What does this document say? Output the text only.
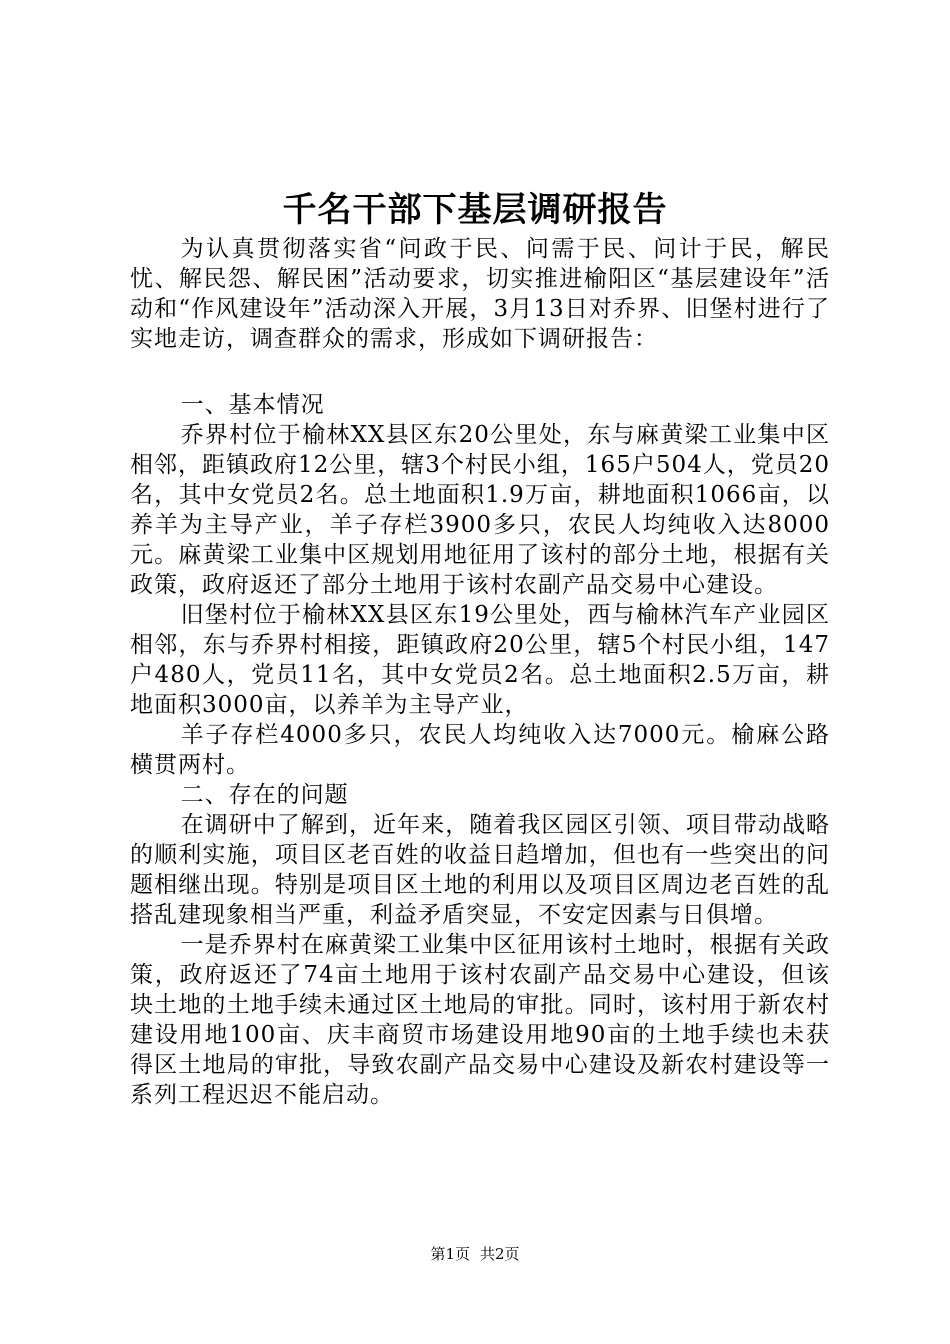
千名干部下基层调研报告

为认真贯彻落实省“问政于民、问需于民、问计于民，解民忧、解民怨、解民困”活动要求，切实推进榆阳区“基层建设年”活动和“作风建设年”活动深入开展，3月13日对乔界、旧堡村进行了实地走访，调查群众的需求，形成如下调研报告：

一、基本情况

乔界村位于榆林XX县区东20公里处，东与麻黄梁工业集中区相邻，距镇政府12公里，辖3个村民小组，165户504人，党员20名，其中女党员2名。总土地面积1.9万亩，耕地面积1066亩，以养羊为主导产业，羊子存栏3900多只，农民人均纯收入达8000元。麻黄梁工业集中区规划用地征用了该村的部分土地，根据有关政策，政府返还了部分土地用于该村农副产品交易中心建设。

旧堡村位于榆林XX县区东19公里处，西与榆林汽车产业园区相邻，东与乔界村相接，距镇政府20公里，辖5个村民小组，147户480人，党员11名，其中女党员2名。总土地面积2.5万亩，耕地面积3000亩，以养羊为主导产业，

羊子存栏4000多只，农民人均纯收入达7000元。榆麻公路横贯两村。

二、存在的问题

在调研中了解到，近年来，随着我区园区引领、项目带动战略的顺利实施，项目区老百姓的收益日趋增加，但也有一些突出的问题相继出现。特别是项目区土地的利用以及项目区周边老百姓的乱搭乱建现象相当严重，利益矛盾突显，不安定因素与日俱增。

一是乔界村在麻黄梁工业集中区征用该村土地时，根据有关政策，政府返还了74亩土地用于该村农副产品交易中心建设，但该块土地的土地手续未通过区土地局的审批。同时，该村用于新农村建设用地100亩、庆丰商贸市场建设用地90亩的土地手续也未获得区土地局的审批，导致农副产品交易中心建设及新农村建设等一系列工程迟迟不能启动。

第1页 共2页
